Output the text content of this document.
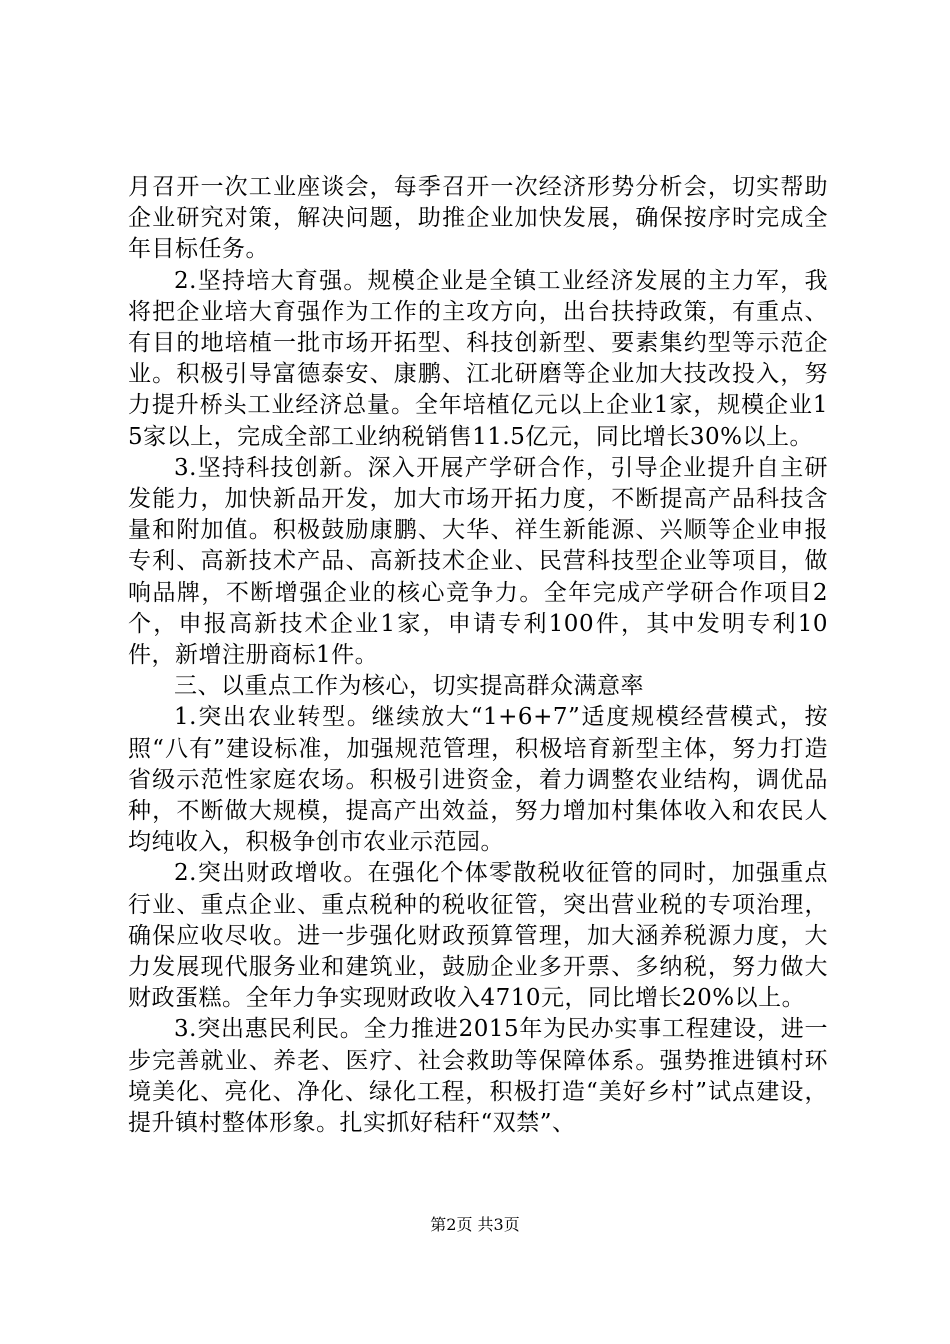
月召开一次工业座谈会，每季召开一次经济形势分析会，切实帮助企业研究对策，解决问题，助推企业加快发展，确保按序时完成全年目标任务。

2.坚持培大育强。规模企业是全镇工业经济发展的主力军，我将把企业培大育强作为工作的主攻方向，出台扶持政策，有重点、有目的地培植一批市场开拓型、科技创新型、要素集约型等示范企业。积极引导富德泰安、康鹏、江北研磨等企业加大技改投入，努力提升桥头工业经济总量。全年培植亿元以上企业1家，规模企业15家以上，完成全部工业纳税销售11.5亿元，同比增长30%以上。

3.坚持科技创新。深入开展产学研合作，引导企业提升自主研发能力，加快新品开发，加大市场开拓力度，不断提高产品科技含量和附加值。积极鼓励康鹏、大华、祥生新能源、兴顺等企业申报专利、高新技术产品、高新技术企业、民营科技型企业等项目，做响品牌，不断增强企业的核心竞争力。全年完成产学研合作项目2个，申报高新技术企业1家，申请专利100件，其中发明专利10件，新增注册商标1件。

三、以重点工作为核心，切实提高群众满意率

1.突出农业转型。继续放大“1+6+7”适度规模经营模式，按照“八有”建设标准，加强规范管理，积极培育新型主体，努力打造省级示范性家庭农场。积极引进资金，着力调整农业结构，调优品种，不断做大规模，提高产出效益，努力增加村集体收入和农民人均纯收入，积极争创市农业示范园。

2.突出财政增收。在强化个体零散税收征管的同时，加强重点行业、重点企业、重点税种的税收征管，突出营业税的专项治理，确保应收尽收。进一步强化财政预算管理，加大涵养税源力度，大力发展现代服务业和建筑业，鼓励企业多开票、多纳税，努力做大财政蛋糕。全年力争实现财政收入4710元，同比增长20%以上。

3.突出惠民利民。全力推进2015年为民办实事工程建设，进一步完善就业、养老、医疗、社会救助等保障体系。强势推进镇村环境美化、亮化、净化、绿化工程，积极打造“美好乡村”试点建设，提升镇村整体形象。扎实抓好秸秆“双禁”、

第2页 共3页
